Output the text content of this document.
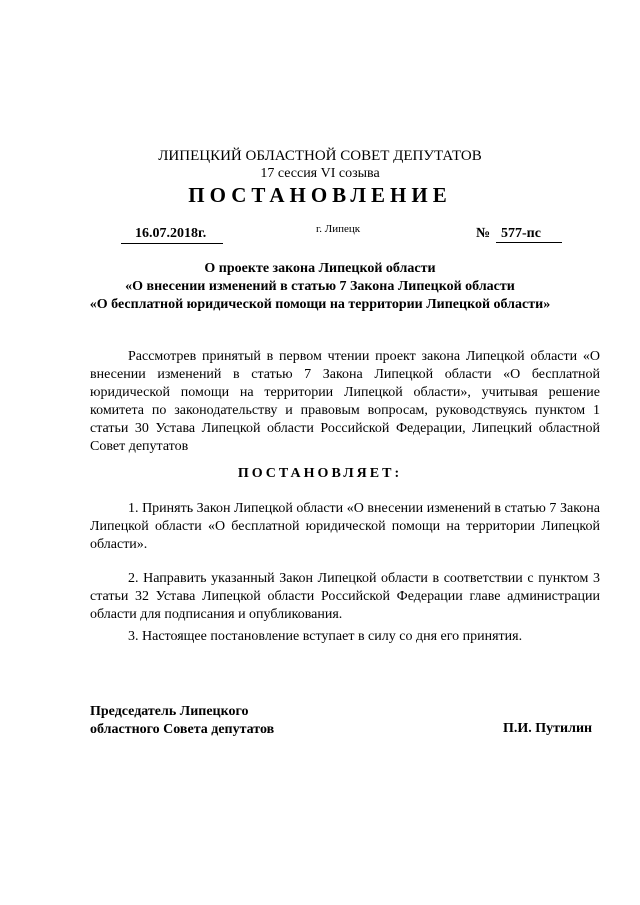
ЛИПЕЦКИЙ ОБЛАСТНОЙ СОВЕТ ДЕПУТАТОВ
17 сессия VI созыва
ПОСТАНОВЛЕНИЕ
16.07.2018г.	г. Липецк	№ 577-пс
О проекте закона Липецкой области
«О внесении изменений в статью 7 Закона Липецкой области
«О бесплатной юридической помощи на территории Липецкой области»
Рассмотрев принятый в первом чтении проект закона Липецкой области «О внесении изменений в статью 7 Закона Липецкой области «О бесплатной юридической помощи на территории Липецкой области», учитывая решение комитета по законодательству и правовым вопросам, руководствуясь пунктом 1 статьи 30 Устава Липецкой области Российской Федерации, Липецкий областной Совет депутатов
ПОСТАНОВЛЯЕТ:
1. Принять Закон Липецкой области «О внесении изменений в статью 7 Закона Липецкой области «О бесплатной юридической помощи на территории Липецкой области».
2. Направить указанный Закон Липецкой области в соответствии с пунктом 3 статьи 32 Устава Липецкой области Российской Федерации главе администрации области для подписания и опубликования.
3. Настоящее постановление вступает в силу со дня его принятия.
Председатель Липецкого
областного Совета депутатов	П.И. Путилин
